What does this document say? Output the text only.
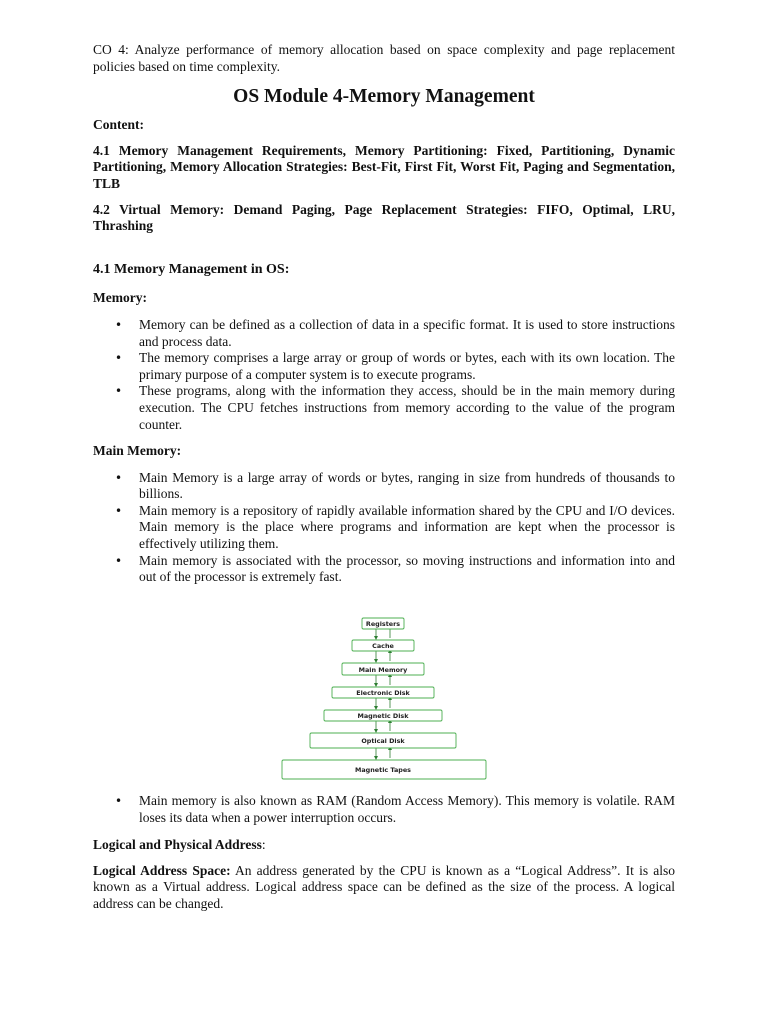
CO 4: Analyze performance of memory allocation based on space complexity and page replacement policies based on time complexity.

OS Module 4-Memory Management

Content:

4.1 Memory Management Requirements, Memory Partitioning: Fixed, Partitioning, Dynamic Partitioning, Memory Allocation Strategies: Best-Fit, First Fit, Worst Fit, Paging and Segmentation, TLB

4.2 Virtual Memory: Demand Paging, Page Replacement Strategies: FIFO, Optimal, LRU, Thrashing

4.1 Memory Management in OS:
Memory:
• Memory can be defined as a collection of data in a specific format. It is used to store instructions and process data.
• The memory comprises a large array or group of words or bytes, each with its own location. The primary purpose of a computer system is to execute programs.
• These programs, along with the information they access, should be in the main memory during execution. The CPU fetches instructions from memory according to the value of the program counter.
Main Memory:
• Main Memory is a large array of words or bytes, ranging in size from hundreds of thousands to billions.
• Main memory is a repository of rapidly available information shared by the CPU and I/O devices. Main memory is the place where programs and information are kept when the processor is effectively utilizing them.
• Main memory is associated with the processor, so moving instructions and information into and out of the processor is extremely fast.
Registers
Cache
Main Memory
Electronic Disk
Magnetic Disk
Optical Disk
Magnetic Tapes
• Main memory is also known as RAM (Random Access Memory). This memory is volatile. RAM loses its data when a power interruption occurs.

Logical and Physical Address:

Logical Address Space: An address generated by the CPU is known as a “Logical Address”. It is also known as a Virtual address. Logical address space can be defined as the size of the process. A logical address can be changed.
